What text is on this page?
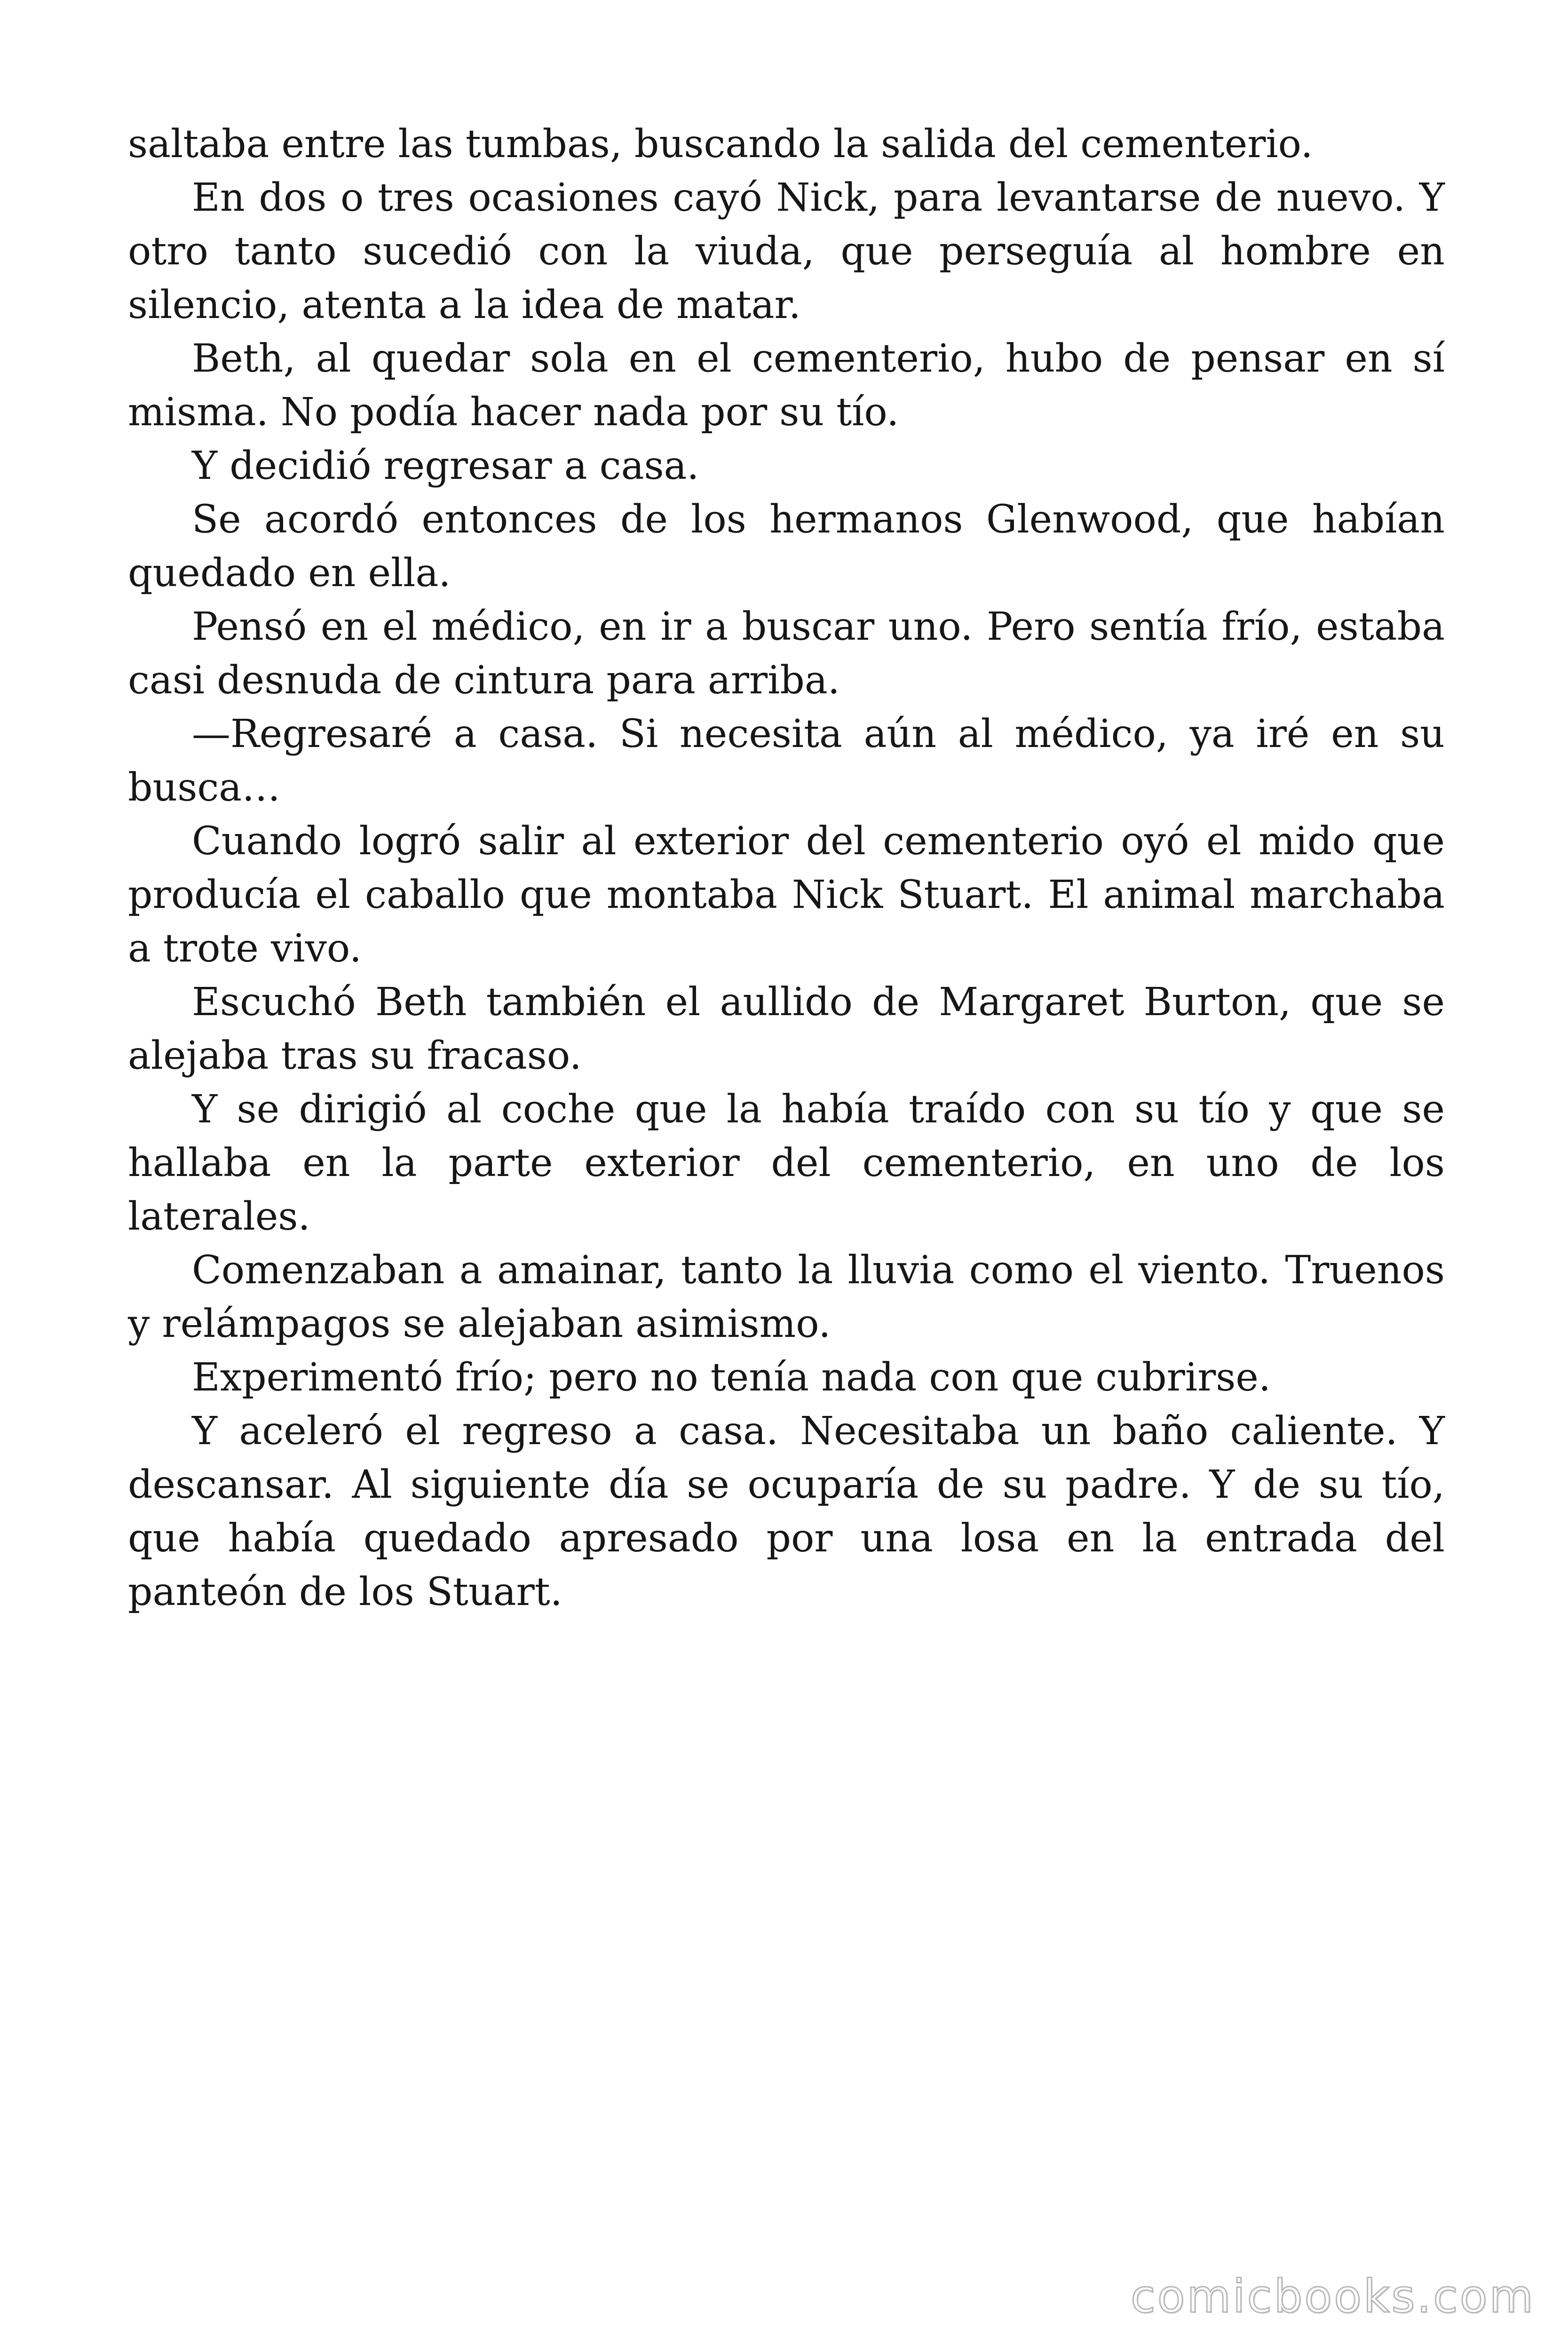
saltaba entre las tumbas, buscando la salida del cementerio.

En dos o tres ocasiones cayó Nick, para levantarse de nuevo. Y otro tanto sucedió con la viuda, que perseguía al hombre en silencio, atenta a la idea de matar.

Beth, al quedar sola en el cementerio, hubo de pensar en sí misma. No podía hacer nada por su tío.

Y decidió regresar a casa.

Se acordó entonces de los hermanos Glenwood, que habían quedado en ella.

Pensó en el médico, en ir a buscar uno. Pero sentía frío, estaba casi desnuda de cintura para arriba.

—Regresaré a casa. Si necesita aún al médico, ya iré en su busca…

Cuando logró salir al exterior del cementerio oyó el mido que producía el caballo que montaba Nick Stuart. El animal marchaba a trote vivo.

Escuchó Beth también el aullido de Margaret Burton, que se alejaba tras su fracaso.

Y se dirigió al coche que la había traído con su tío y que se hallaba en la parte exterior del cementerio, en uno de los laterales.

Comenzaban a amainar, tanto la lluvia como el viento. Truenos y relámpagos se alejaban asimismo.

Experimentó frío; pero no tenía nada con que cubrirse.

Y aceleró el regreso a casa. Necesitaba un baño caliente. Y descansar. Al siguiente día se ocuparía de su padre. Y de su tío, que había quedado apresado por una losa en la entrada del panteón de los Stuart.

comicbooks.com
